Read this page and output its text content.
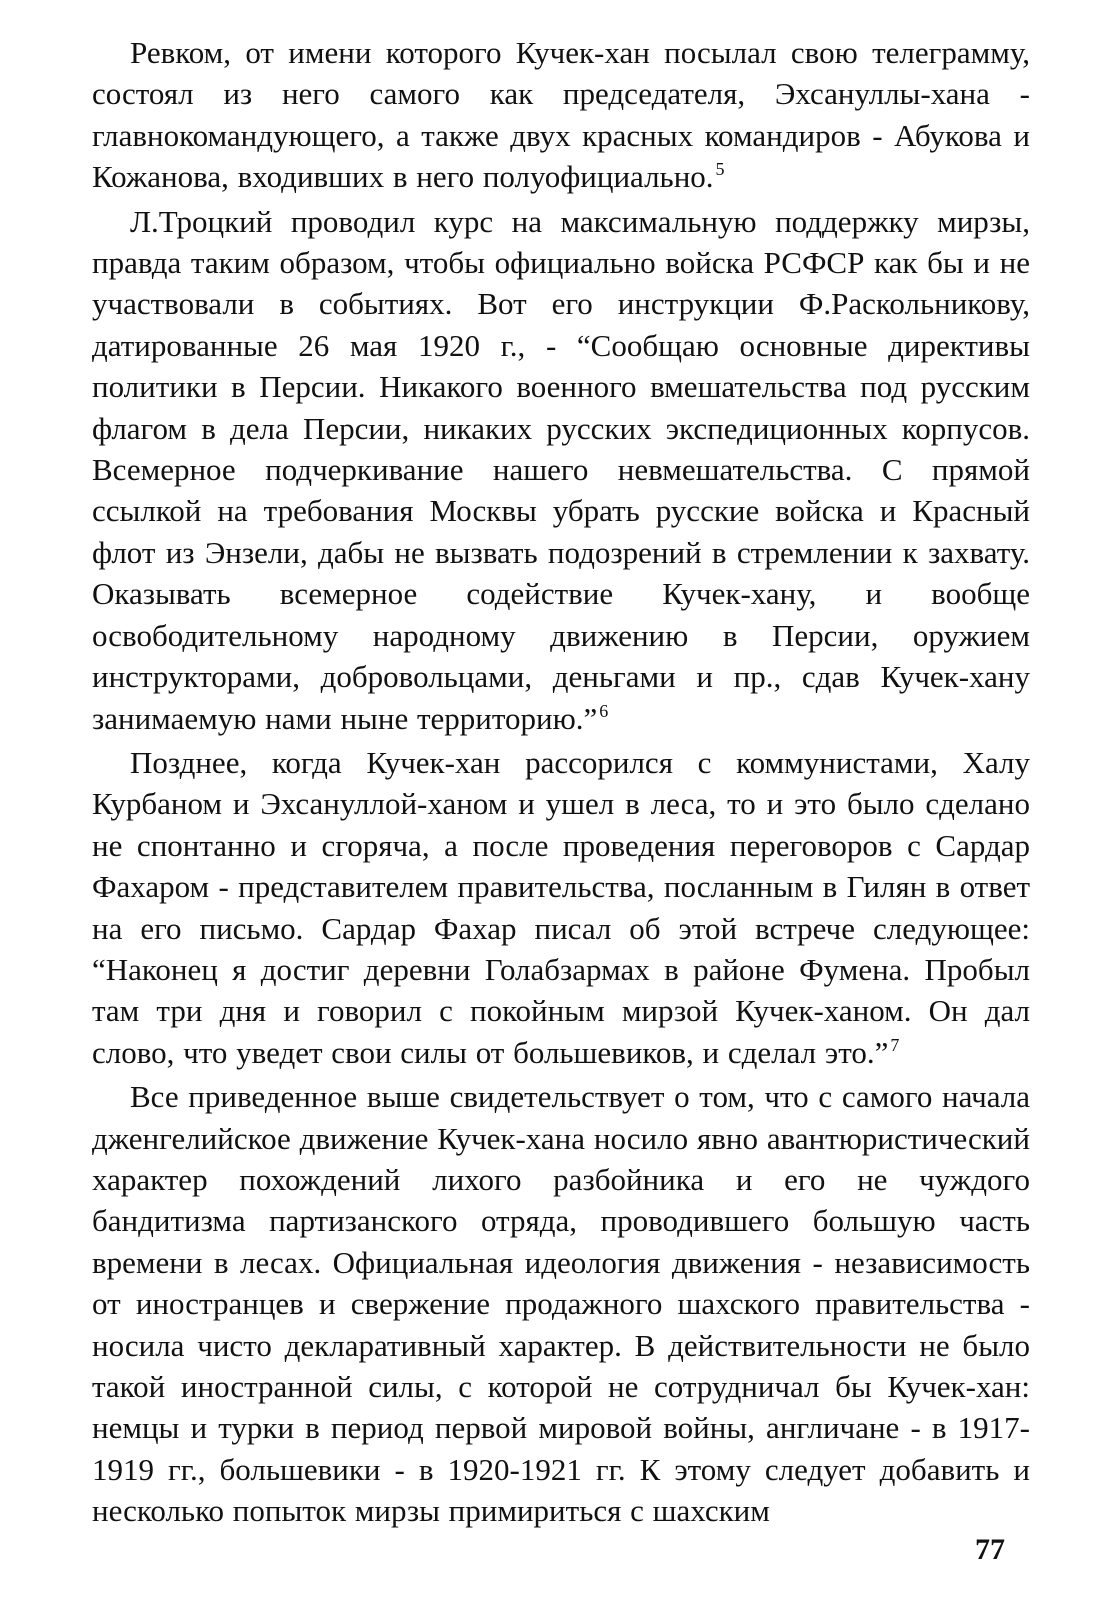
Ревком, от имени которого Кучек-хан посылал свою телеграмму, состоял из него самого как председателя, Эхсануллы-хана - главнокомандующего, а также двух красных командиров - Абукова и Кожанова, входивших в него полуофициально. $^5$

Л.Троцкий проводил курс на максимальную поддержку мирзы, правда таким образом, чтобы официально войска РСФСР как бы и не участвовали в событиях. Вот его инструкции Ф.Раскольникову, датированные 26 мая 1920 г., - “Сообщаю основные директивы политики в Персии. Никакого военного вмешательства под русским флагом в дела Персии, никаких русских экспедиционных корпусов. Всемерное подчеркивание нашего невмешательства. С прямой ссылкой на требования Москвы убрать русские войска и Красный флот из Энзели, дабы не вызвать подозрений в стремлении к захвату. Оказывать всемерное содействие Кучек-хану, и вообще освободительному народному движению в Персии, оружием инструкторами, добровольцами, деньгами и пр., сдав Кучек-хану занимаемую нами ныне территорию.” $^6$

Позднее, когда Кучек-хан рассорился с коммунистами, Халу Курбаном и Эхсануллой-ханом и ушел в леса, то и это было сделано не спонтанно и сгоряча, а после проведения переговоров с Сардар Фахаром - представителем правительства, посланным в Гилян в ответ на его письмо. Сардар Фахар писал об этой встрече следующее: “Наконец я достиг деревни Голабзармах в районе Фумена. Пробыл там три дня и говорил с покойным мирзой Кучек-ханом. Он дал слово, что уведет свои силы от большевиков, и сделал это.” $^7$

Все приведенное выше свидетельствует о том, что с самого начала дженгелийское движение Кучек-хана носило явно авантюристический характер похождений лихого разбойника и его не чуждого бандитизма партизанского отряда, проводившего большую часть времени в лесах. Официальная идеология движения - независимость от иностранцев и свержение продажного шахского правительства - носила чисто декларативный характер. В действительности не было такой иностранной силы, с которой не сотрудничал бы Кучек-хан: немцы и турки в период первой мировой войны, англичане - в 1917-1919 гг., большевики - в 1920-1921 гг. К этому следует добавить и несколько попыток мирзы примириться с шахским

77
